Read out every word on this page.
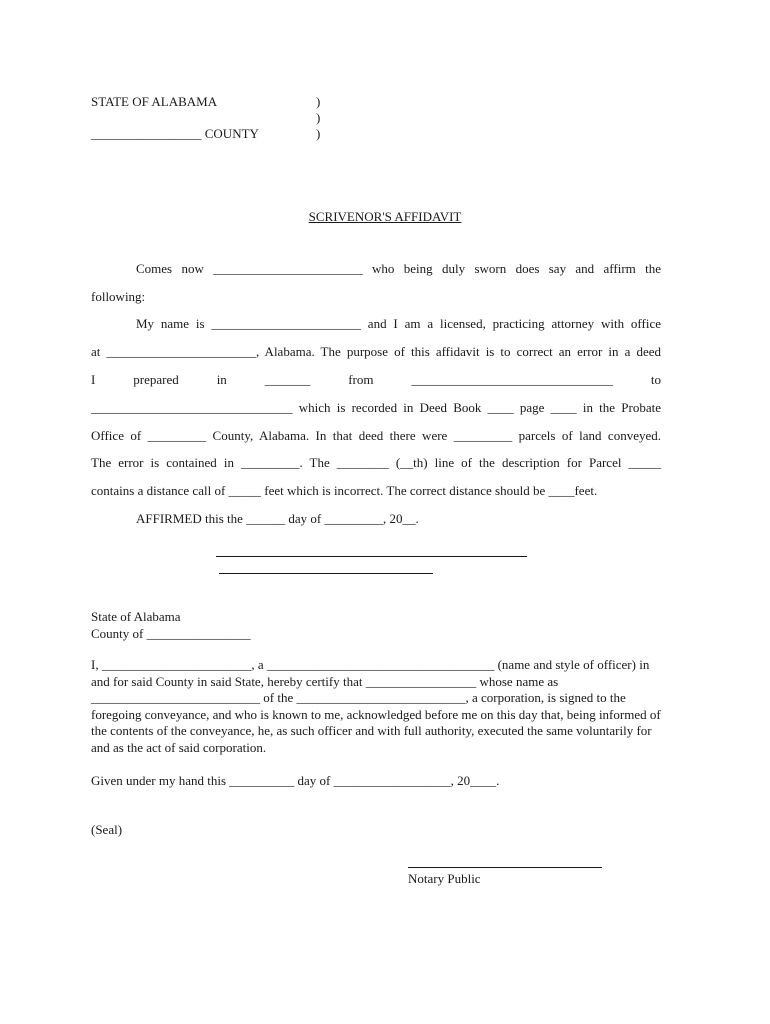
STATE OF ALABAMA
_________________ COUNTY
)
)
)
SCRIVENOR'S AFFIDAVIT
Comes now _______________________ who being duly sworn does say and affirm the
following:
My name is _______________________ and I am a licensed, practicing attorney with office
at _______________________, Alabama. The purpose of this affidavit is to correct an error in a deed
I	prepared	in	_______	from	_______________________________	to
_______________________________ which is recorded in Deed Book ____ page ____ in the Probate
Office of _________ County, Alabama. In that deed there were _________ parcels of land conveyed.
The error is contained in _________. The ________ (__th) line of the description for Parcel _____
contains a distance call of _____ feet which is incorrect. The correct distance should be ____feet.
AFFIRMED this the ______ day of _________, 20__.
State of Alabama
County of ________________
I, _______________________, a ___________________________________ (name and style of officer) in and for said County in said State, hereby certify that _________________ whose name as __________________________ of the __________________________, a corporation, is signed to the foregoing conveyance, and who is known to me, acknowledged before me on this day that, being informed of the contents of the conveyance, he, as such officer and with full authority, executed the same voluntarily for and as the act of said corporation.
Given under my hand this __________ day of __________________, 20____.
(Seal)
Notary Public
